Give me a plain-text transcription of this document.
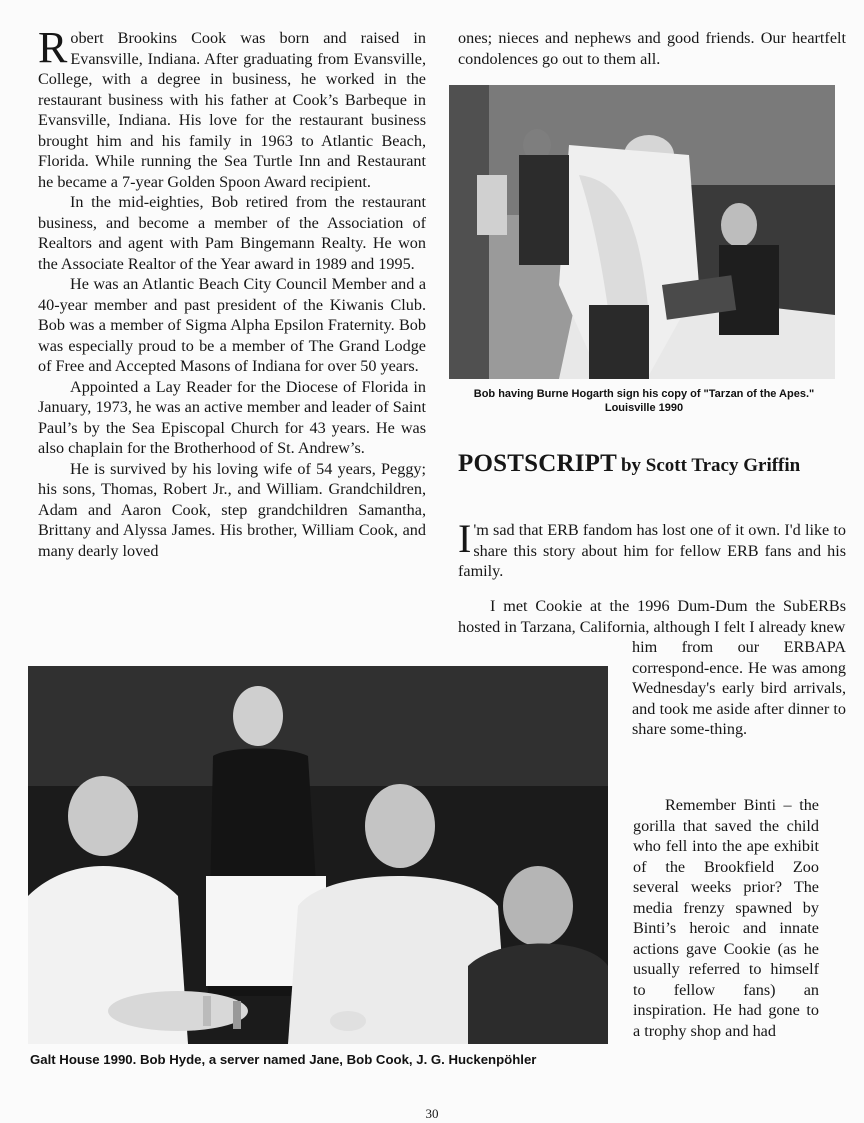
Robert Brookins Cook was born and raised in Evansville, Indiana. After graduating from Evansville, College, with a degree in business, he worked in the restaurant business with his father at Cook’s Barbeque in Evansville, Indiana. His love for the restaurant business brought him and his family in 1963 to Atlantic Beach, Florida. While running the Sea Turtle Inn and Restaurant he became a 7-year Golden Spoon Award recipient.

In the mid-eighties, Bob retired from the restaurant business, and become a member of the Association of Realtors and agent with Pam Bingemann Realty. He won the Associate Realtor of the Year award in 1989 and 1995.

He was an Atlantic Beach City Council Member and a 40-year member and past president of the Kiwanis Club. Bob was a member of Sigma Alpha Epsilon Fraternity. Bob was especially proud to be a member of The Grand Lodge of Free and Accepted Masons of Indiana for over 50 years.

Appointed a Lay Reader for the Diocese of Florida in January, 1973, he was an active member and leader of Saint Paul’s by the Sea Episcopal Church for 43 years. He was also chaplain for the Brotherhood of St. Andrew’s.

He is survived by his loving wife of 54 years, Peggy; his sons, Thomas, Robert Jr., and William. Grandchildren, Adam and Aaron Cook, step grandchildren Samantha, Brittany and Alyssa James. His brother, William Cook, and many dearly loved

ones; nieces and nephews and good friends. Our heartfelt condolences go out to them all.

Bob having Burne Hogarth sign his copy of "Tarzan of the Apes."
Louisville 1990
POSTSCRIPT by Scott Tracy Griffin
I 'm sad that ERB fandom has lost one of it own. I'd like to share this story about him for fellow ERB fans and his family.
I met Cookie at the 1996 Dum-Dum the SubERBs hosted in Tarzana, California, although I felt I already knew
him from our ERBAPA correspond-ence. He was among Wednesday's early bird arrivals, and took me aside after dinner to share some-thing.
Remember Binti – the gorilla that saved the child who fell into the ape exhibit of the Brookfield Zoo several weeks prior? The media frenzy spawned by Binti’s heroic and innate actions gave Cookie (as he usually referred to himself to fellow fans) an inspiration. He had gone to a trophy shop and had
Galt House 1990. Bob Hyde, a server named Jane, Bob Cook, J. G. Huckenpöhler
30
